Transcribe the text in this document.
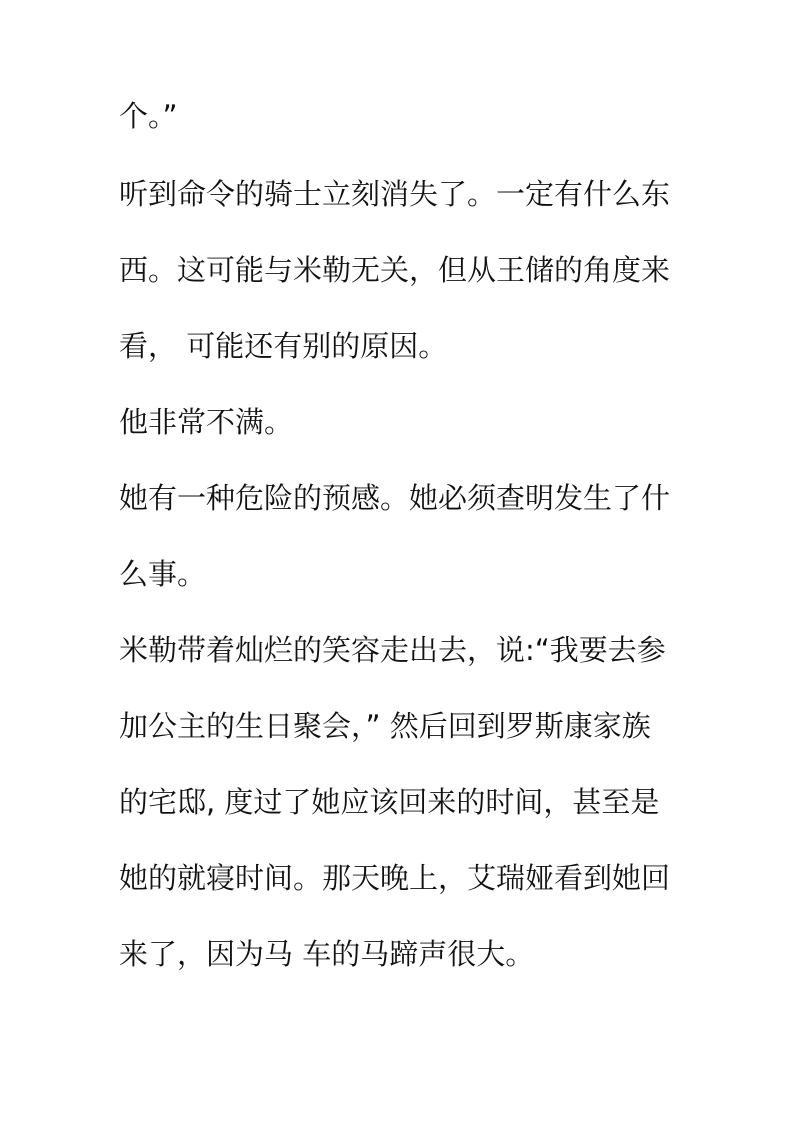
个。”
听到命令的骑士立刻消失了。一定有什么东
西。这可能与米勒无关，但从王储的角度来
看， 可能还有别的原因。
他非常不满。
她有一种危险的预感。她必须查明发生了什
么事。
米勒带着灿烂的笑容走出去，说:“我要去参
加公主的生日聚会，” 然后回到罗斯康家族
的宅邸, 度过了她应该回来的时间，甚至是
她的就寝时间。那天晚上，艾瑞娅看到她回
来了，因为马 车的马蹄声很大。
